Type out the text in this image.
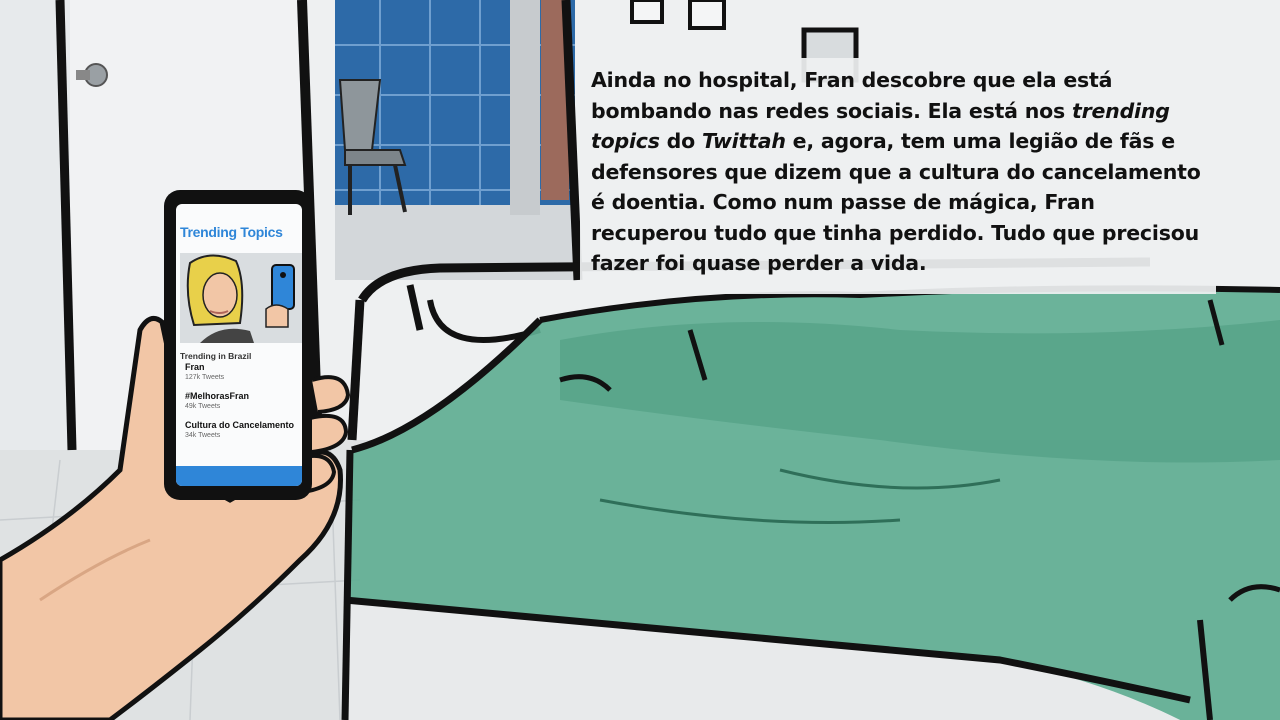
Trending Topics
Trending in Brazil
Fran
127k Tweets
#MelhorasFran
49k Tweets
Cultura do Cancelamento
34k Tweets
Ainda no hospital, Fran descobre que ela está bombando nas redes sociais. Ela está nos trending topics do Twittah e, agora, tem uma legião de fãs e defensores que dizem que a cultura do cancelamento é doentia. Como num passe de mágica, Fran recuperou tudo que tinha perdido. Tudo que precisou fazer foi quase perder a vida.
